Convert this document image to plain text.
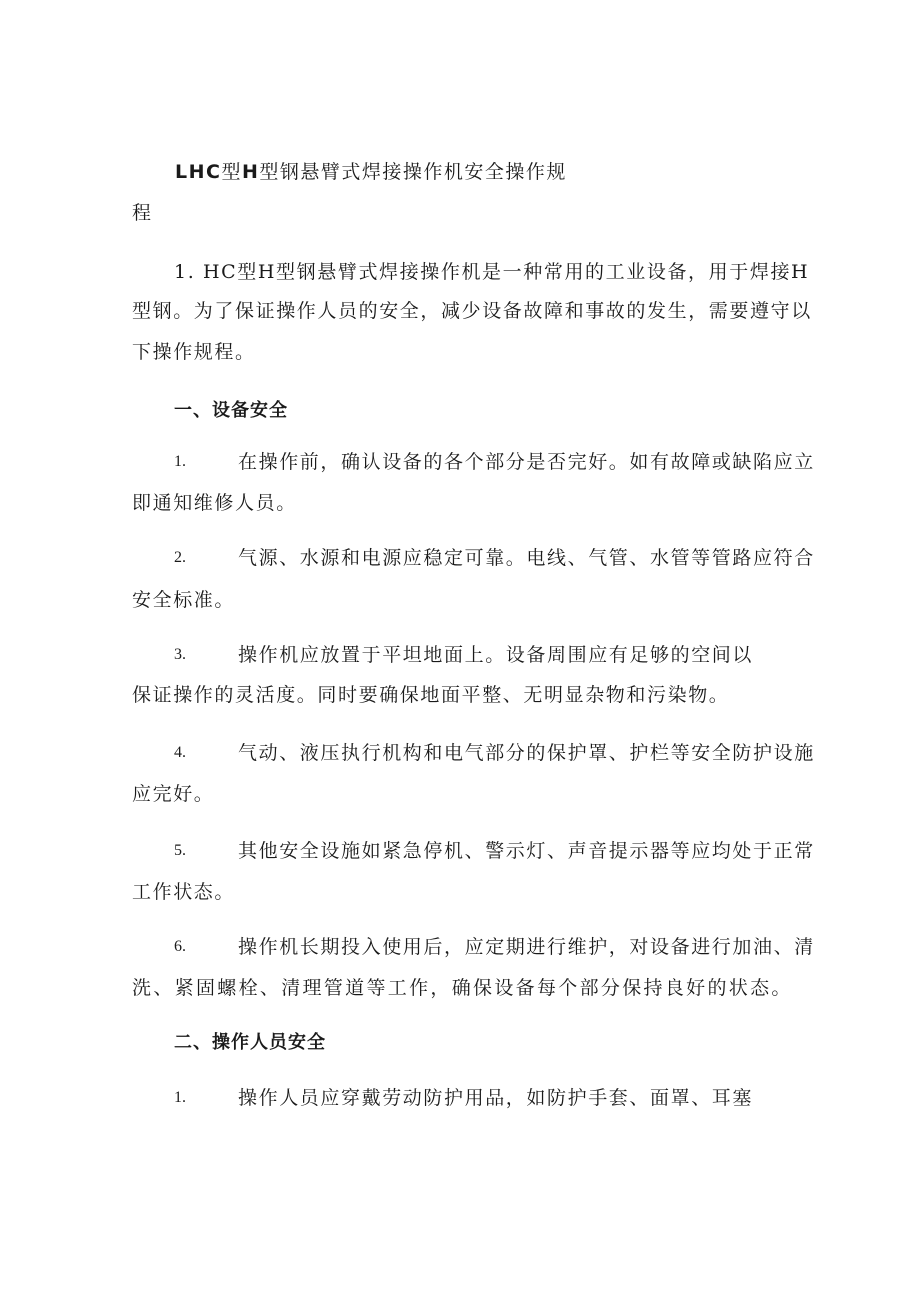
LHC型H型钢悬臂式焊接操作机安全操作规
程
1. HC型H型钢悬臂式焊接操作机是一种常用的工业设备，用于焊接H
型钢。为了保证操作人员的安全，减少设备故障和事故的发生，需要遵守以
下操作规程。
一、设备安全
1.	在操作前，确认设备的各个部分是否完好。如有故障或缺陷应立
即通知维修人员。
2.	气源、水源和电源应稳定可靠。电线、气管、水管等管路应符合
安全标准。
3.	操作机应放置于平坦地面上。设备周围应有足够的空间以
保证操作的灵活度。同时要确保地面平整、无明显杂物和污染物。
4.	气动、液压执行机构和电气部分的保护罩、护栏等安全防护设施
应完好。
5.	其他安全设施如紧急停机、警示灯、声音提示器等应均处于正常
工作状态。
6.	操作机长期投入使用后，应定期进行维护，对设备进行加油、清
洗、紧固螺栓、清理管道等工作，确保设备每个部分保持良好的状态。
二、操作人员安全
1.	操作人员应穿戴劳动防护用品，如防护手套、面罩、耳塞
